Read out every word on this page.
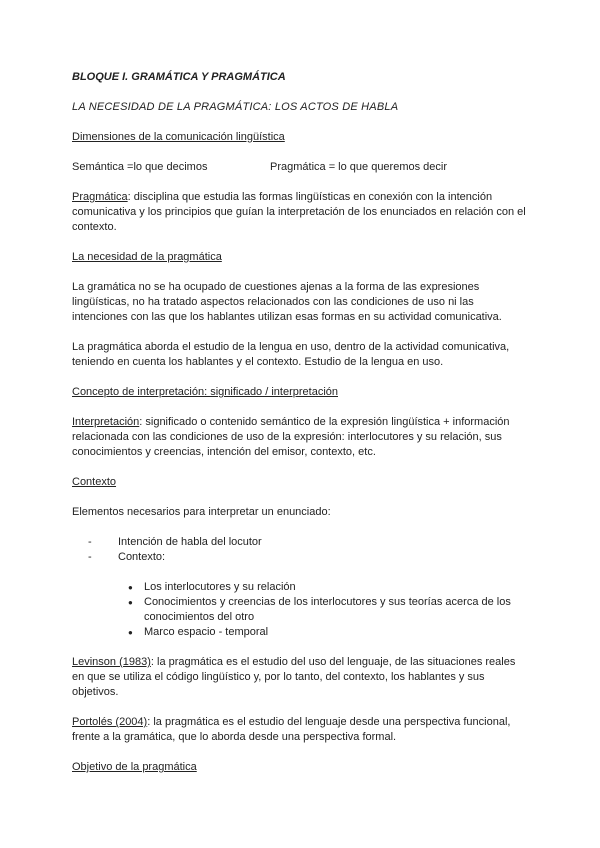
BLOQUE I. GRAMÁTICA Y PRAGMÁTICA

LA NECESIDAD DE LA PRAGMÁTICA: LOS ACTOS DE HABLA

Dimensiones de la comunicación lingüística

Semántica =lo que decimos	Pragmática = lo que queremos decir

Pragmática: disciplina que estudia las formas lingüísticas en conexión con la intención comunicativa y los principios que guían la interpretación de los enunciados en relación con el contexto.

La necesidad de la pragmática

La gramática no se ha ocupado de cuestiones ajenas a la forma de las expresiones lingüísticas, no ha tratado aspectos relacionados con las condiciones de uso ni las intenciones con las que los hablantes utilizan esas formas en su actividad comunicativa.

La pragmática aborda el estudio de la lengua en uso, dentro de la actividad comunicativa, teniendo en cuenta los hablantes y el contexto. Estudio de la lengua en uso.

Concepto de interpretación: significado / interpretación

Interpretación: significado o contenido semántico de la expresión lingüística + información relacionada con las condiciones de uso de la expresión: interlocutores y su relación, sus conocimientos y creencias, intención del emisor, contexto, etc.

Contexto

Elementos necesarios para interpretar un enunciado:

- Intención de habla del locutor
- Contexto:
● Los interlocutores y su relación
● Conocimientos y creencias de los interlocutores y sus teorías acerca de los conocimientos del otro
● Marco espacio - temporal

Levinson (1983): la pragmática es el estudio del uso del lenguaje, de las situaciones reales en que se utiliza el código lingüístico y, por lo tanto, del contexto, los hablantes y sus objetivos.

Portolés (2004): la pragmática es el estudio del lenguaje desde una perspectiva funcional, frente a la gramática, que lo aborda desde una perspectiva formal.

Objetivo de la pragmática
